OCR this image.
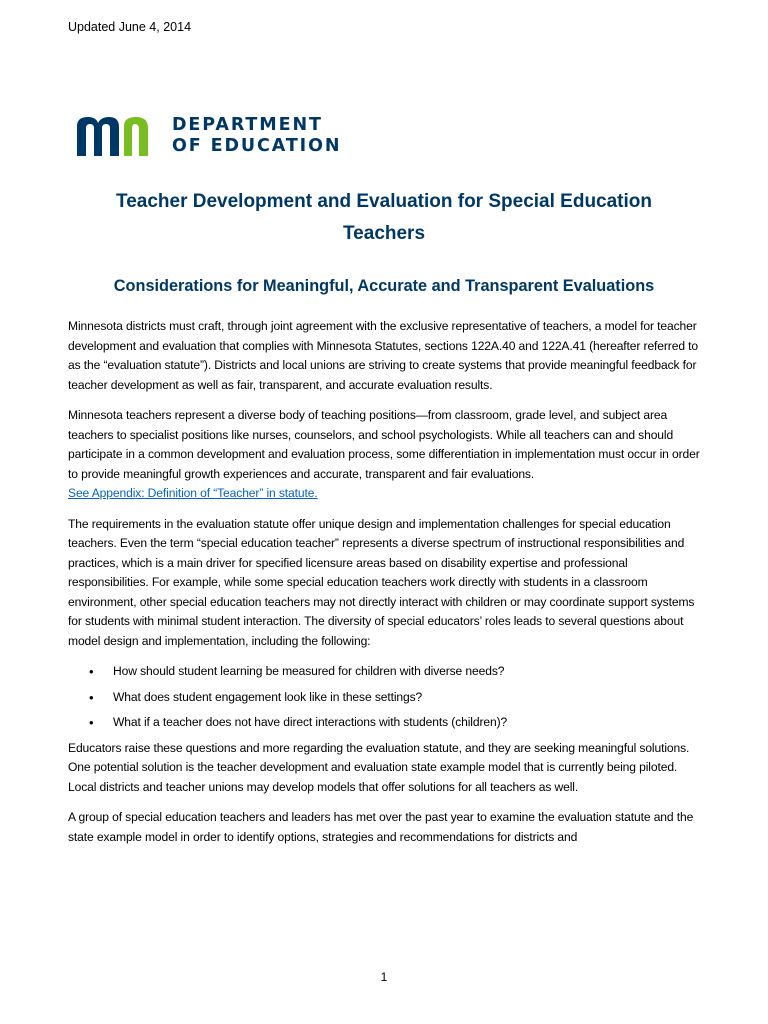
Updated June 4, 2014
DEPARTMENT
OF EDUCATION
Teacher Development and Evaluation for Special Education Teachers
Considerations for Meaningful, Accurate and Transparent Evaluations

Minnesota districts must craft, through joint agreement with the exclusive representative of teachers, a model for teacher development and evaluation that complies with Minnesota Statutes, sections 122A.40 and 122A.41 (hereafter referred to as the “evaluation statute”). Districts and local unions are striving to create systems that provide meaningful feedback for teacher development as well as fair, transparent, and accurate evaluation results.

Minnesota teachers represent a diverse body of teaching positions—from classroom, grade level, and subject area teachers to specialist positions like nurses, counselors, and school psychologists. While all teachers can and should participate in a common development and evaluation process, some differentiation in implementation must occur in order to provide meaningful growth experiences and accurate, transparent and fair evaluations.
See Appendix: Definition of “Teacher” in statute.

The requirements in the evaluation statute offer unique design and implementation challenges for special education teachers. Even the term “special education teacher” represents a diverse spectrum of instructional responsibilities and practices, which is a main driver for specified licensure areas based on disability expertise and professional responsibilities. For example, while some special education teachers work directly with students in a classroom environment, other special education teachers may not directly interact with children or may coordinate support systems for students with minimal student interaction. The diversity of special educators’ roles leads to several questions about model design and implementation, including the following:

• How should student learning be measured for children with diverse needs?
• What does student engagement look like in these settings?
• What if a teacher does not have direct interactions with students (children)?

Educators raise these questions and more regarding the evaluation statute, and they are seeking meaningful solutions. One potential solution is the teacher development and evaluation state example model that is currently being piloted. Local districts and teacher unions may develop models that offer solutions for all teachers as well.

A group of special education teachers and leaders has met over the past year to examine the evaluation statute and the state example model in order to identify options, strategies and recommendations for districts and

1
